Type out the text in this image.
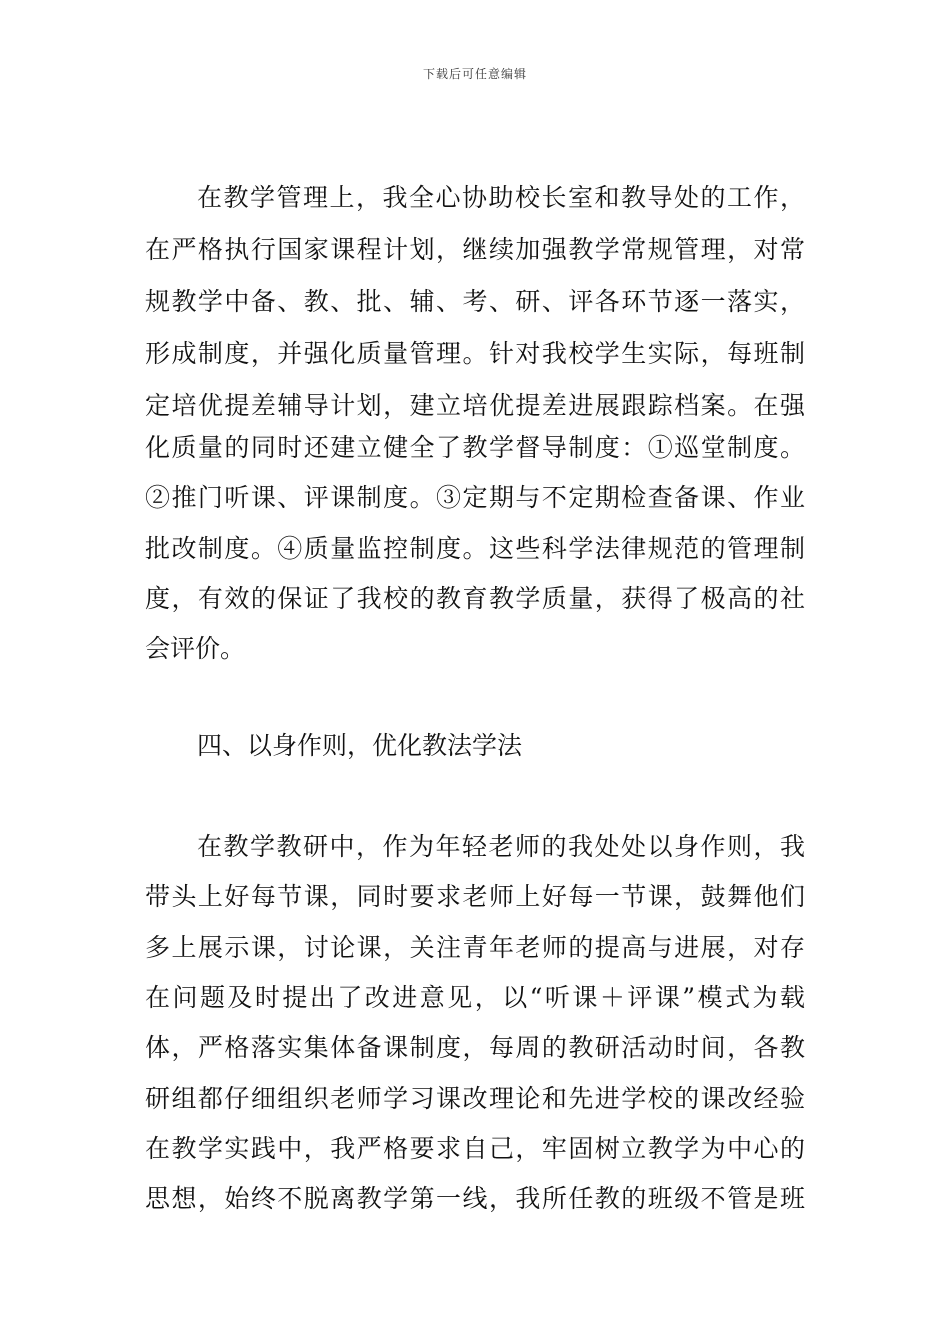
下载后可任意编辑
在教学管理上，我全心协助校长室和教导处的工作，
在严格执行国家课程计划，继续加强教学常规管理，对常
规教学中备、教、批、辅、考、研、评各环节逐一落实，
形成制度，并强化质量管理。针对我校学生实际，每班制
定培优提差辅导计划，建立培优提差进展跟踪档案。在强
化质量的同时还建立健全了教学督导制度：①巡堂制度。
②推门听课、评课制度。③定期与不定期检查备课、作业
批改制度。④质量监控制度。这些科学法律规范的管理制
度，有效的保证了我校的教育教学质量，获得了极高的社
会评价。
四、以身作则，优化教法学法
在教学教研中，作为年轻老师的我处处以身作则，我
带头上好每节课，同时要求老师上好每一节课，鼓舞他们
多上展示课，讨论课，关注青年老师的提高与进展，对存
在问题及时提出了改进意见，以“听课＋评课”模式为载
体，严格落实集体备课制度，每周的教研活动时间，各教
研组都仔细组织老师学习课改理论和先进学校的课改经验
在教学实践中，我严格要求自己，牢固树立教学为中心的
思想，始终不脱离教学第一线，我所任教的班级不管是班
